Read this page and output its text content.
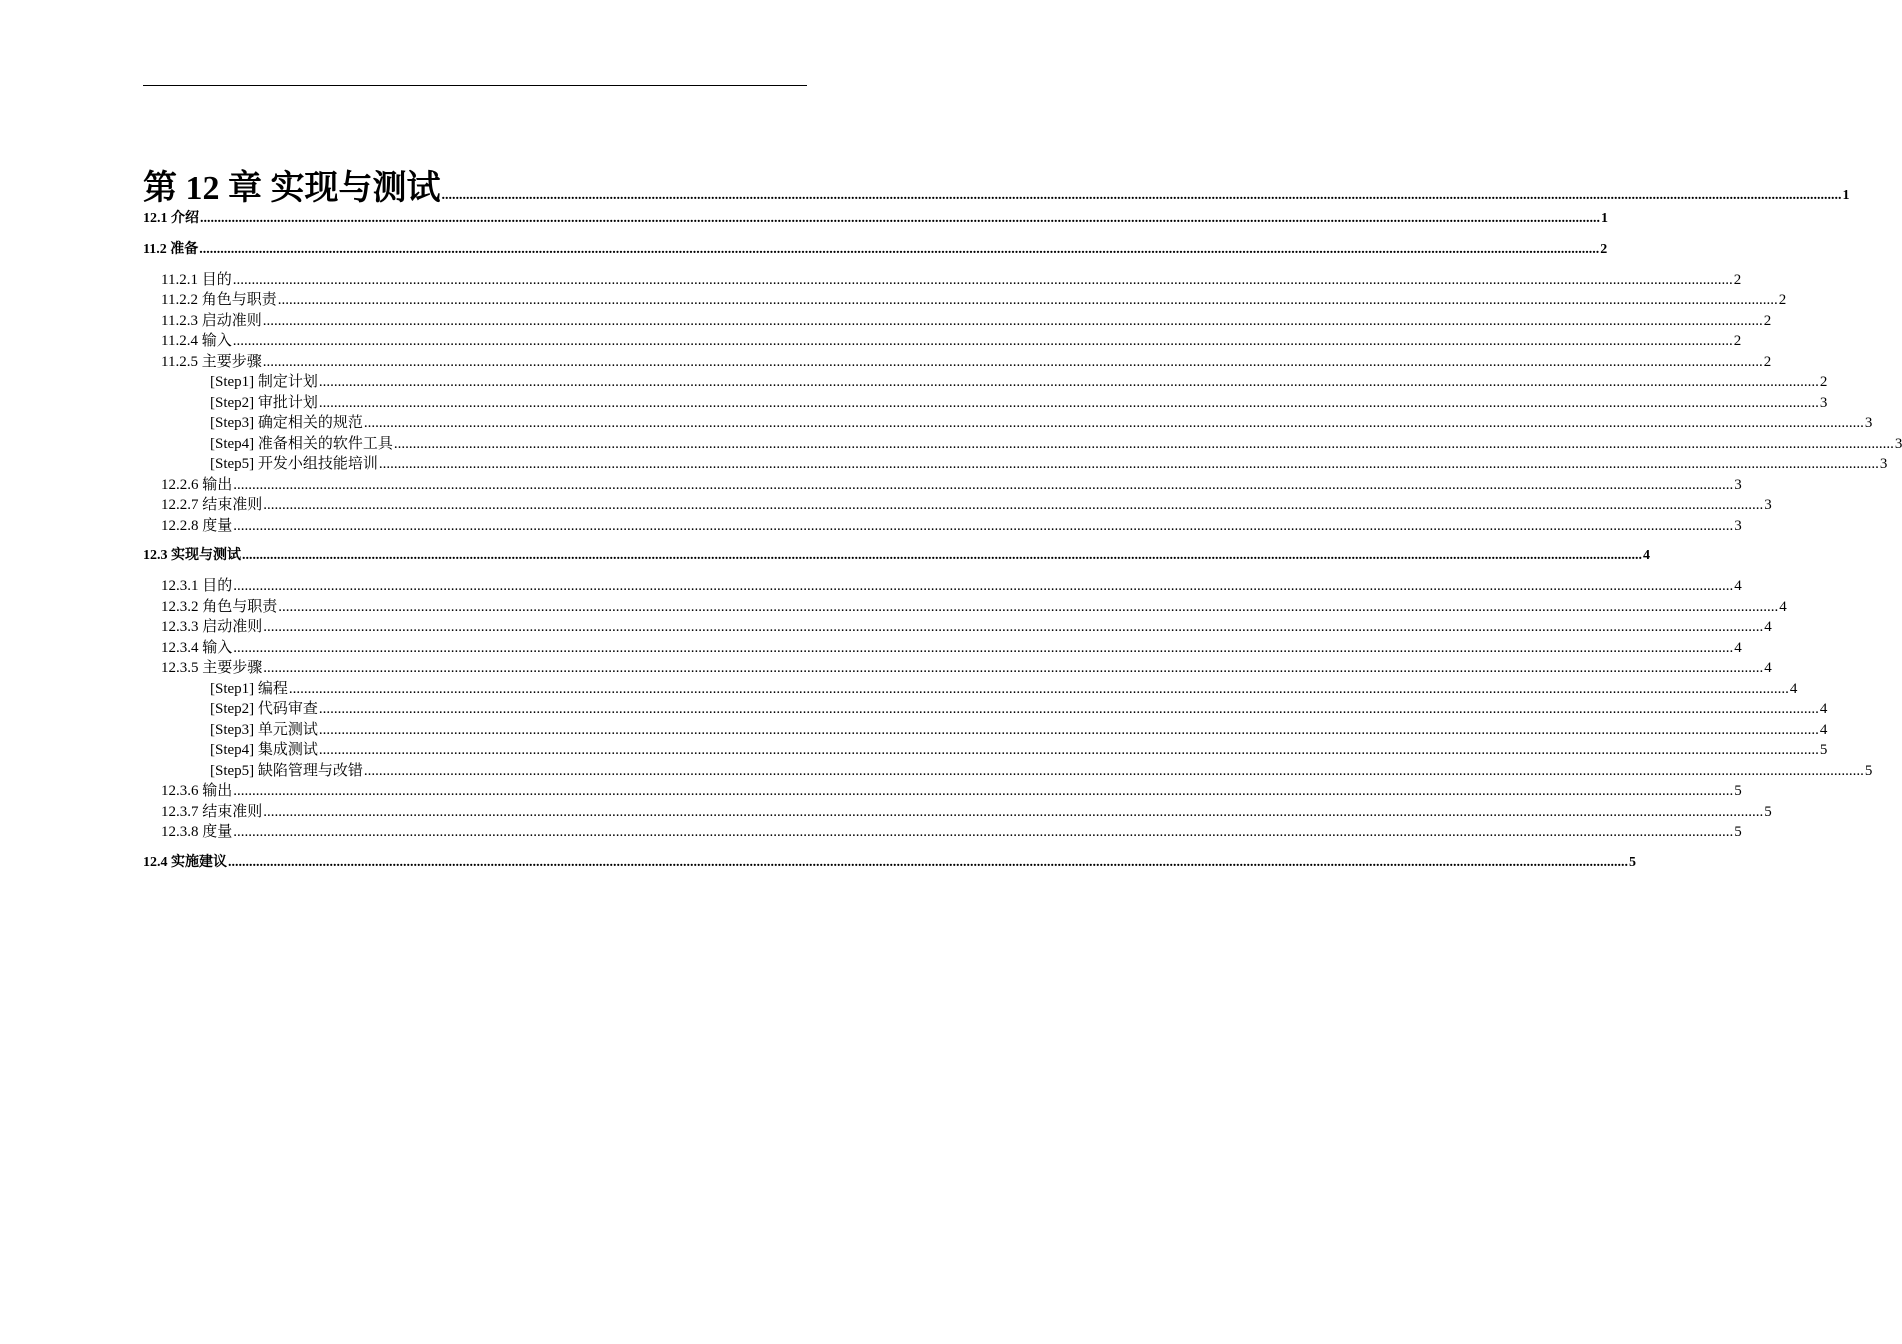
第 12 章 实现与测试 ................................................................................................................................................................................................................................................................................................................................................................................................................ 1
12.1 介绍 ................................................................................................................................................................................................................................................................................................................................................................................................................ 1
11.2 准备 ................................................................................................................................................................................................................................................................................................................................................................................................................ 2
11.2.1 目的 ................................................................................................................................................................................................................................................................................................................................................................................................................ 2
11.2.2 角色与职责 ................................................................................................................................................................................................................................................................................................................................................................................................................ 2
11.2.3 启动准则 ................................................................................................................................................................................................................................................................................................................................................................................................................ 2
11.2.4 输入 ................................................................................................................................................................................................................................................................................................................................................................................................................ 2
11.2.5 主要步骤 ................................................................................................................................................................................................................................................................................................................................................................................................................ 2
[Step1] 制定计划 ................................................................................................................................................................................................................................................................................................................................................................................................................ 2
[Step2] 审批计划 ................................................................................................................................................................................................................................................................................................................................................................................................................ 3
[Step3] 确定相关的规范 ................................................................................................................................................................................................................................................................................................................................................................................................................ 3
[Step4] 准备相关的软件工具 ................................................................................................................................................................................................................................................................................................................................................................................................................ 3
[Step5] 开发小组技能培训 ................................................................................................................................................................................................................................................................................................................................................................................................................ 3
12.2.6 输出 ................................................................................................................................................................................................................................................................................................................................................................................................................ 3
12.2.7 结束准则 ................................................................................................................................................................................................................................................................................................................................................................................................................ 3
12.2.8 度量 ................................................................................................................................................................................................................................................................................................................................................................................................................ 3
12.3 实现与测试 ................................................................................................................................................................................................................................................................................................................................................................................................................ 4
12.3.1 目的 ................................................................................................................................................................................................................................................................................................................................................................................................................ 4
12.3.2 角色与职责 ................................................................................................................................................................................................................................................................................................................................................................................................................ 4
12.3.3 启动准则 ................................................................................................................................................................................................................................................................................................................................................................................................................ 4
12.3.4 输入 ................................................................................................................................................................................................................................................................................................................................................................................................................ 4
12.3.5 主要步骤 ................................................................................................................................................................................................................................................................................................................................................................................................................ 4
[Step1] 编程 ................................................................................................................................................................................................................................................................................................................................................................................................................ 4
[Step2] 代码审查 ................................................................................................................................................................................................................................................................................................................................................................................................................ 4
[Step3] 单元测试 ................................................................................................................................................................................................................................................................................................................................................................................................................ 4
[Step4] 集成测试 ................................................................................................................................................................................................................................................................................................................................................................................................................ 5
[Step5] 缺陷管理与改错 ................................................................................................................................................................................................................................................................................................................................................................................................................ 5
12.3.6 输出 ................................................................................................................................................................................................................................................................................................................................................................................................................ 5
12.3.7 结束准则 ................................................................................................................................................................................................................................................................................................................................................................................................................ 5
12.3.8 度量 ................................................................................................................................................................................................................................................................................................................................................................................................................ 5
12.4 实施建议 ................................................................................................................................................................................................................................................................................................................................................................................................................ 5
